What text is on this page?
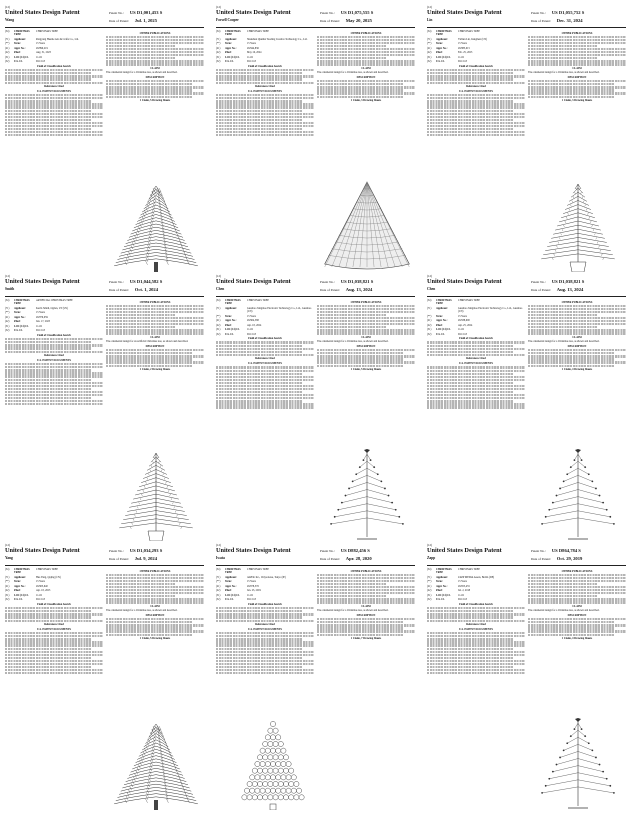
(12)
United States Design Patent
Wang
Patent No.: US D1,001,453 S
Date of Patent: Jul. 1, 2025
(54)	CHRISTMAS TREE
CHRISTMAS TREE
(71)	Applicant:	Pengyang Huaide Arts & Crafts Co., Ltd.
(**)	Term:	15 Years
(21)	Appl. No.:	29/899,219
(22)	Filed:	Aug. 31, 2023
(51)	LOC (14) Cl.	11-02
(52)	U.S. Cl.	D11/118
Field of Classification Search
References Cited
U.S. PATENT DOCUMENTS
OTHER PUBLICATIONS
CLAIM
The ornamental design for a Christmas tree, as shown and described.
DESCRIPTION
1 Claim, 5 Drawing Sheets
(12)
United States Design Patent
Forsell Cooper
Patent No.: US D1,075,555 S
Date of Patent: May 20, 2025
(54)	CHRISTMAS TREE
CHRISTMAS TREE
(71)	Applicant:	Shenzhen Qianhai Tuoding Creative Technology Co., Ltd.
(**)	Term:	15 Years
(21)	Appl. No.:	29/944,836
(22)	Filed:	May 16, 2024
(51)	LOC (14) Cl.	11-02
(52)	U.S. Cl.	D11/118
Field of Classification Search
References Cited
U.S. PATENT DOCUMENTS
OTHER PUBLICATIONS
CLAIM
The ornamental design for a Christmas tree, as shown and described.
DESCRIPTION
1 Claim, 3 Drawing Sheets
(12)
United States Design Patent
Lin
Patent No.: US D1,055,752 S
Date of Patent: Dec. 31, 2024
(54)	CHRISTMAS TREE
CHRISTMAS TREE
(71)	Applicant:	Yichun Lin, Jiangmen (CN)
(**)	Term:	15 Years
(21)	Appl. No.:	29/883,015
(22)	Filed:	Feb. 25, 2023
(51)	LOC (14) Cl.	11-02
(52)	U.S. Cl.	D11/118
Field of Classification Search
References Cited
U.S. PATENT DOCUMENTS
OTHER PUBLICATIONS
CLAIM
The ornamental design for a Christmas tree, as shown and described.
DESCRIPTION
1 Claim, 3 Drawing Sheets
(12)
United States Design Patent
Smith
Patent No.: US D1,044,582 S
Date of Patent: Oct. 1, 2024
(54)	CHRISTMAS TREE
ARTIFICIAL CHRISTMAS TREE
(71)	Applicant:	Kevin Smith, Ogden, UT (US)
(**)	Term:	15 Years
(21)	Appl. No.:	29/879,059
(22)	Filed:	Jun. 17, 2023
(51)	LOC (14) Cl.	11-02
(52)	U.S. Cl.	D11/118
Field of Classification Search
References Cited
U.S. PATENT DOCUMENTS
OTHER PUBLICATIONS
CLAIM
The ornamental design for an artificial Christmas tree, as shown and described.
DESCRIPTION
1 Claim, 2 Drawing Sheets
(12)
United States Design Patent
Chen
Patent No.: US D1,038,821 S
Date of Patent: Aug. 13, 2024
(54)	CHRISTMAS TREE
CHRISTMAS TREE
(71)	Applicant:	Guanbao Xingmao Electronic Technology Co., Ltd., Guanbao (CN)
(**)	Term:	15 Years
(21)	Appl. No.:	29/904,588
(22)	Filed:	Apr. 18, 2024
(51)	LOC (14) Cl.	11-02
(52)	U.S. Cl.	D11/118
Field of Classification Search
References Cited
U.S. PATENT DOCUMENTS
OTHER PUBLICATIONS
CLAIM
The ornamental design for a Christmas tree, as shown and described.
DESCRIPTION
1 Claim, 5 Drawing Sheets
(12)
United States Design Patent
Chen
Patent No.: US D1,038,821 S
Date of Patent: Aug. 13, 2024
(54)	CHRISTMAS TREE
CHRISTMAS TREE
(71)	Applicant:	Guanbao Xingmao Electronic Technology Co., Ltd., Guanbao (CN)
(**)	Term:	15 Years
(21)	Appl. No.:	29/938,900
(22)	Filed:	Apr. 25, 2024
(51)	LOC (14) Cl.	11-02
(52)	U.S. Cl.	D11/118
Field of Classification Search
References Cited
U.S. PATENT DOCUMENTS
OTHER PUBLICATIONS
CLAIM
The ornamental design for a Christmas tree, as shown and described.
DESCRIPTION
1 Claim, 4 Drawing Sheets
(12)
United States Design Patent
Yang
Patent No.: US D1,034,293 S
Date of Patent: Jul. 9, 2024
(54)	CHRISTMAS TREE
CHRISTMAS TREE
(71)	Applicant:	Hua Yang, Qujing (CN)
(**)	Term:	15 Years
(21)	Appl. No.:	29/903,640
(22)	Filed:	Apr. 18, 2023
(51)	LOC (14) Cl.	11-02
(52)	U.S. Cl.	D11/118
Field of Classification Search
References Cited
U.S. PATENT DOCUMENTS
OTHER PUBLICATIONS
CLAIM
The ornamental design for a Christmas tree, as shown and described.
DESCRIPTION
1 Claim, 5 Drawing Sheets
(12)
United States Design Patent
Iwata
Patent No.: US D882,456 S
Date of Patent: Apr. 28, 2020
(54)	CHRISTMAS TREE
CHRISTMAS TREE
(71)	Applicant:	ramFab Inc., Chiyoda-ku, Tokyo (JP)
(**)	Term:	15 Years
(21)	Appl. No.:	29/678,376
(22)	Filed:	Jan. 23, 2019
(51)	LOC (14) Cl.	11-02
(52)	U.S. Cl.	D11/118
Field of Classification Search
References Cited
U.S. PATENT DOCUMENTS
OTHER PUBLICATIONS
CLAIM
The ornamental design for a Christmas tree, as shown and described.
DESCRIPTION
1 Claim, 7 Drawing Sheets
(12)
United States Design Patent
Zapp
Patent No.: US D864,784 S
Date of Patent: Oct. 29, 2019
(54)	CHRISTMAS TREE
CHRISTMAS TREE
(71)	Applicant:	ZAPP MEDIA Assets, Berlin (DE)
(**)	Term:	15 Years
(21)	Appl. No.:	29/655,455
(22)	Filed:	Jul. 2, 2018
(51)	LOC (14) Cl.	11-02
(52)	U.S. Cl.	D11/118
Field of Classification Search
References Cited
U.S. PATENT DOCUMENTS
OTHER PUBLICATIONS
CLAIM
The ornamental design for a Christmas tree, as shown and described.
DESCRIPTION
1 Claim, 4 Drawing Sheets
